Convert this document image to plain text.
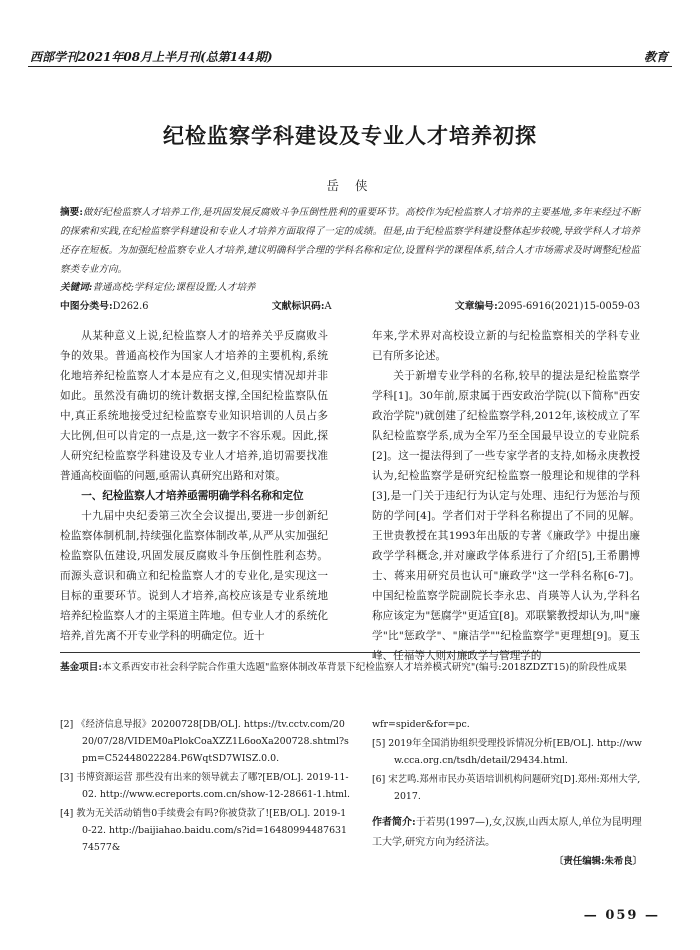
西部学刊2021年08月上半月刊(总第144期)	教育
纪检监察学科建设及专业人才培养初探
岳 侠
摘要:做好纪检监察人才培养工作,是巩固发展反腐败斗争压倒性胜利的重要环节。高校作为纪检监察人才培养的主要基地,多年来经过不断的探索和实践,在纪检监察学科建设和专业人才培养方面取得了一定的成绩。但是,由于纪检监察学科建设整体起步较晚,导致学科人才培养还存在短板。为加强纪检监察专业人才培养,建议明确科学合理的学科名称和定位,设置科学的课程体系,结合人才市场需求及时调整纪检监察类专业方向。
关键词:普通高校;学科定位;课程设置;人才培养
中图分类号:D262.6	文献标识码:A	文章编号:2095-6916(2021)15-0059-03

从某种意义上说,纪检监察人才的培养关乎反腐败斗争的效果。普通高校作为国家人才培养的主要机构,系统化地培养纪检监察人才本是应有之义,但现实情况却并非如此。虽然没有确切的统计数据支撑,全国纪检监察队伍中,真正系统地接受过纪检监察专业知识培训的人员占多大比例,但可以肯定的一点是,这一数字不容乐观。因此,探人研究纪检监察学科建设及专业人才培养,追切需要找准普通高校面临的问题,亟需认真研究出路和对策。

一、纪检监察人才培养亟需明确学科名称和定位

十九届中央纪委第三次全会议提出,要进一步创新纪检监察体制机制,持续强化监察体制改革,从严从实加强纪检监察队伍建设,巩固发展反腐败斗争压倒性胜利态势。而源头意识和确立和纪检监察人才的专业化,是实现这一目标的重要环节。说到人才培养,高校应该是专业系统地培养纪检监察人才的主渠道主阵地。但专业人才的系统化培养,首先离不开专业学科的明确定位。近十

年来,学术界对高校设立新的与纪检监察相关的学科专业已有所多论述。

关于新增专业学科的名称,较早的提法是纪检监察学学科[1]。30年前,原隶属于西安政治学院(以下简称"西安政治学院")就创建了纪检监察学科,2012年,该校成立了军队纪检监察学系,成为全军乃至全国最早设立的专业院系[2]。这一提法得到了一些专家学者的支持,如杨永庚教授认为,纪检监察学是研究纪检监察一般理论和规律的学科[3],是一门关于违纪行为认定与处理、违纪行为惩治与预防的学问[4]。学者们对于学科名称提出了不同的见解。王世贵教授在其1993年出版的专著《廉政学》中提出廉政学学科概念,并对廉政学体系进行了介绍[5],王希鹏博士、蒋来用研究员也认可"廉政学"这一学科名称[6-7]。中国纪检监察学院副院长李永忠、肖瑛等人认为,学科名称应该定为"惩腐学"更适宜[8]。邓联繁教授却认为,叫"廉学"比"惩政学"、"廉洁学""纪检监察学"更理想[9]。夏玉峰、任福等人则对廉政学与管理学的

基金项目:本文系西安市社会科学院合作重大选题"监察体制改革背景下纪检监察人才培养模式研究"(编号:2018ZDZT15)的阶段性成果

[2] 《经济信息导报》20200728[DB/OL]. https://tv.cctv.com/2020/07/28/VIDEM0aPlokCoaXZZ1L6ooXa200728.shtml?spm=C52448022284.P6WqtSD7WISZ.0.0.

[3] 书博资源运营 那些没有出来的领导就去了哪?[EB/OL]. 2019-11-02. http://www.ecreports.com.cn/show-12-28661-1.html.

[4] 教为无关活动销售0手续费会有吗?你被贷款了![EB/OL]. 2019-10-22. http://baijiahao.baidu.com/s?id=1648099448763174577&

wfr=spider&for=pc.

[5] 2019年全国消协组织受理投诉情况分析[EB/OL]. http://www.cca.org.cn/tsdh/detail/29434.html.

[6] 宋艺鸣.郑州市民办英语培训机构问题研究[D].郑州:郑州大学,2017.

作者简介:于若男(1997—),女,汉族,山西太原人,单位为昆明理工大学,研究方向为经济法。
〔责任编辑:朱希良〕
— 059 —
